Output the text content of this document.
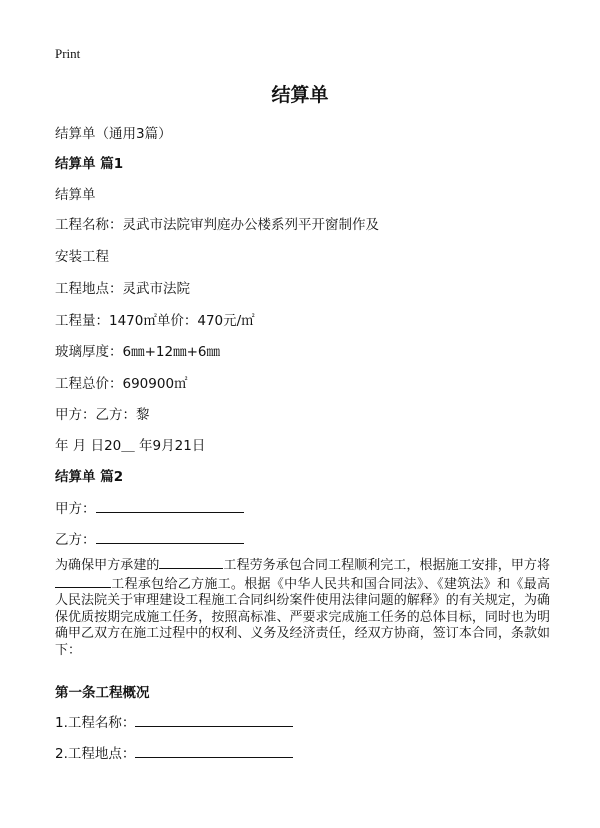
Print
结算单
结算单（通用3篇）
结算单 篇1
结算单
工程名称：灵武市法院审判庭办公楼系列平开窗制作及
安装工程
工程地点：灵武市法院
工程量：1470㎡单价：470元/㎡
玻璃厚度：6㎜+12㎜+6㎜
工程总价：690900㎡
甲方：乙方：黎
年 月 日20＿ 年9月21日
结算单 篇2
甲方：
乙方：
为确保甲方承建的	工程劳务承包合同工程顺利完工，根据施工安排，甲方将工程承包给乙方施工。根据《中华人民共和国合同法》、《建筑法》和《最高人民法院关于审理建设工程施工合同纠纷案件使用法律问题的解释》的有关规定，为确保优质按期完成施工任务，按照高标准、严要求完成施工任务的总体目标，同时也为明确甲乙双方在施工过程中的权利、义务及经济责任，经双方协商，签订本合同，条款如下：
第一条工程概况
1.工程名称：
2.工程地点：
